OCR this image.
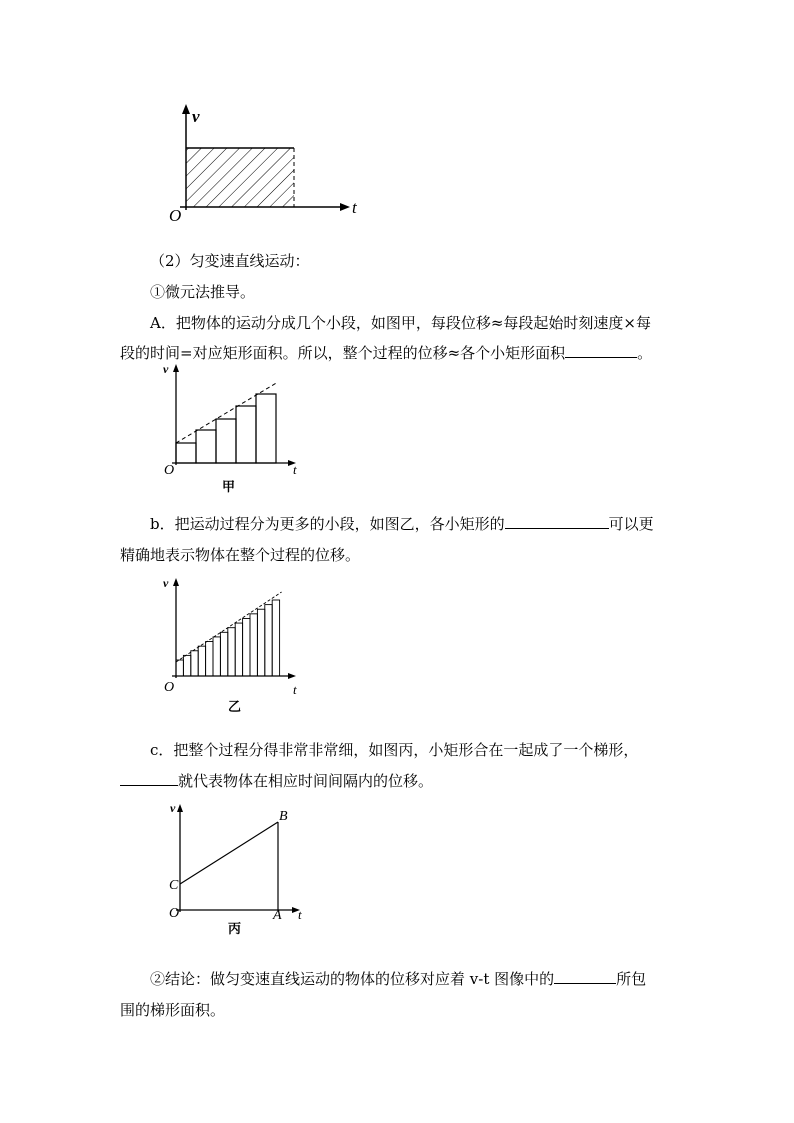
v
t
O
（2）匀变速直线运动：
①微元法推导。
A．把物体的运动分成几个小段，如图甲，每段位移≈每段起始时刻速度×每
段的时间=对应矩形面积。所以，整个过程的位移≈各个小矩形面积	。
v
t
O
甲
b．把运动过程分为更多的小段，如图乙，各小矩形的	可以更
精确地表示物体在整个过程的位移。
v
t
O
乙
c．把整个过程分得非常非常细，如图丙，小矩形合在一起成了一个梯形，
就代表物体在相应时间间隔内的位移。
v
t
O
B
C
A
丙
②结论：做匀变速直线运动的物体的位移对应着 v-t 图像中的	所包
围的梯形面积。
